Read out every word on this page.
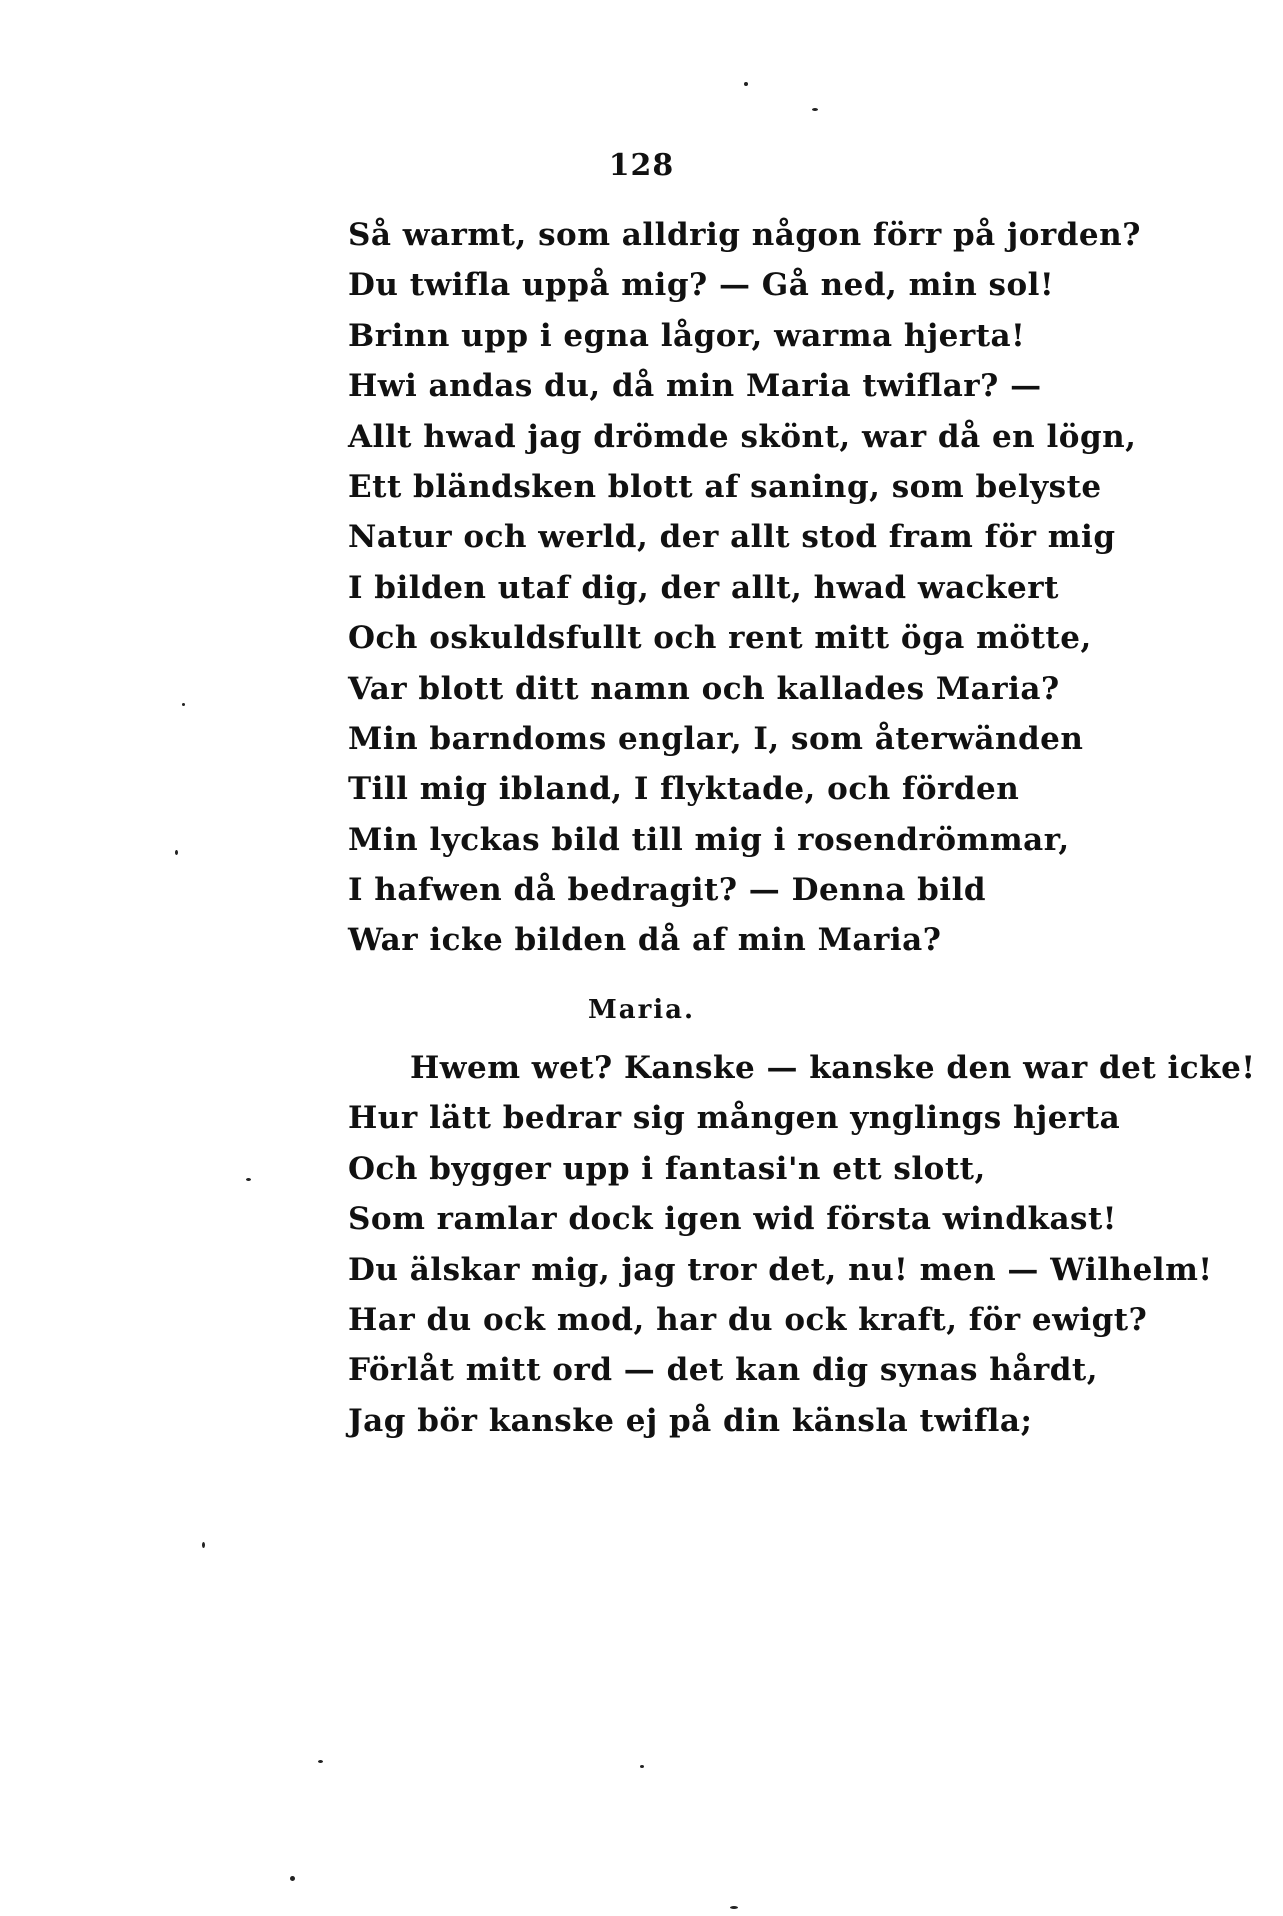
128
Så warmt, som alldrig någon förr på jorden?
Du twifla uppå mig? — Gå ned, min sol!
Brinn upp i egna lågor, warma hjerta!
Hwi andas du, då min Maria twiflar? —
Allt hwad jag drömde skönt, war då en lögn,
Ett bländsken blott af saning, som belyste
Natur och werld, der allt stod fram för mig
I bilden utaf dig, der allt, hwad wackert
Och oskuldsfullt och rent mitt öga mötte,
Var blott ditt namn och kallades Maria?
Min barndoms englar, I, som återwänden
Till mig ibland, I flyktade, och förden
Min lyckas bild till mig i rosendrömmar,
I hafwen då bedragit? — Denna bild
War icke bilden då af min Maria?
Maria.
Hwem wet? Kanske — kanske den war det icke!
Hur lätt bedrar sig mången ynglings hjerta
Och bygger upp i fantasi'n ett slott,
Som ramlar dock igen wid första windkast!
Du älskar mig, jag tror det, nu! men — Wilhelm!
Har du ock mod, har du ock kraft, för ewigt?
Förlåt mitt ord — det kan dig synas hårdt,
Jag bör kanske ej på din känsla twifla;
